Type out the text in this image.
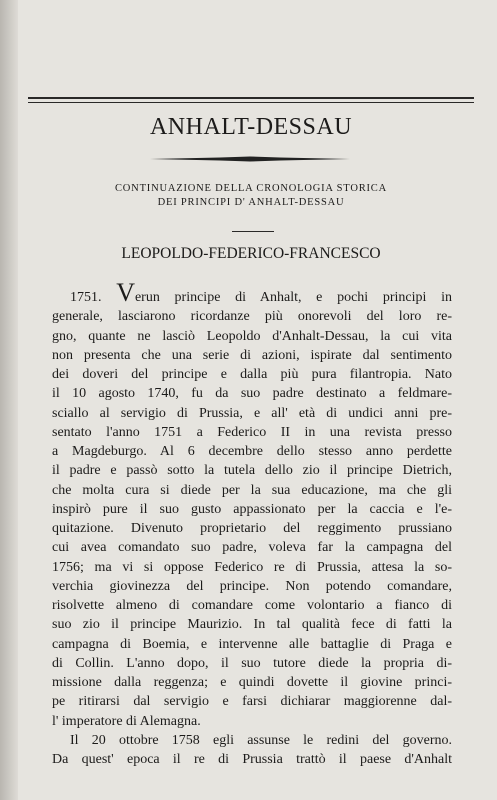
ANHALT-DESSAU
CONTINUAZIONE DELLA CRONOLOGIA STORICA
DEI PRINCIPI D' ANHALT-DESSAU
LEOPOLDO-FEDERICO-FRANCESCO
1751. Verun principe di Anhalt, e pochi principi in
generale, lasciarono ricordanze più onorevoli del loro re-
gno, quante ne lasciò Leopoldo d'Anhalt-Dessau, la cui vita
non presenta che una serie di azioni, ispirate dal sentimento
dei doveri del principe e dalla più pura filantropia. Nato
il 10 agosto 1740, fu da suo padre destinato a feldmare-
sciallo al servigio di Prussia, e all' età di undici anni pre-
sentato l'anno 1751 a Federico II in una revista presso
a Magdeburgo. Al 6 decembre dello stesso anno perdette
il padre e passò sotto la tutela dello zio il principe Dietrich,
che molta cura si diede per la sua educazione, ma che gli
inspirò pure il suo gusto appassionato per la caccia e l'e-
quitazione. Divenuto proprietario del reggimento prussiano
cui avea comandato suo padre, voleva far la campagna del
1756; ma vi si oppose Federico re di Prussia, attesa la so-
verchia giovinezza del principe. Non potendo comandare,
risolvette almeno di comandare come volontario a fianco di
suo zio il principe Maurizio. In tal qualità fece di fatti la
campagna di Boemia, e intervenne alle battaglie di Praga e
di Collin. L'anno dopo, il suo tutore diede la propria di-
missione dalla reggenza; e quindi dovette il giovine princi-
pe ritirarsi dal servigio e farsi dichiarar maggiorenne dal-
l' imperatore di Alemagna.
Il 20 ottobre 1758 egli assunse le redini del governo.
Da quest' epoca il re di Prussia trattò il paese d'Anhalt
